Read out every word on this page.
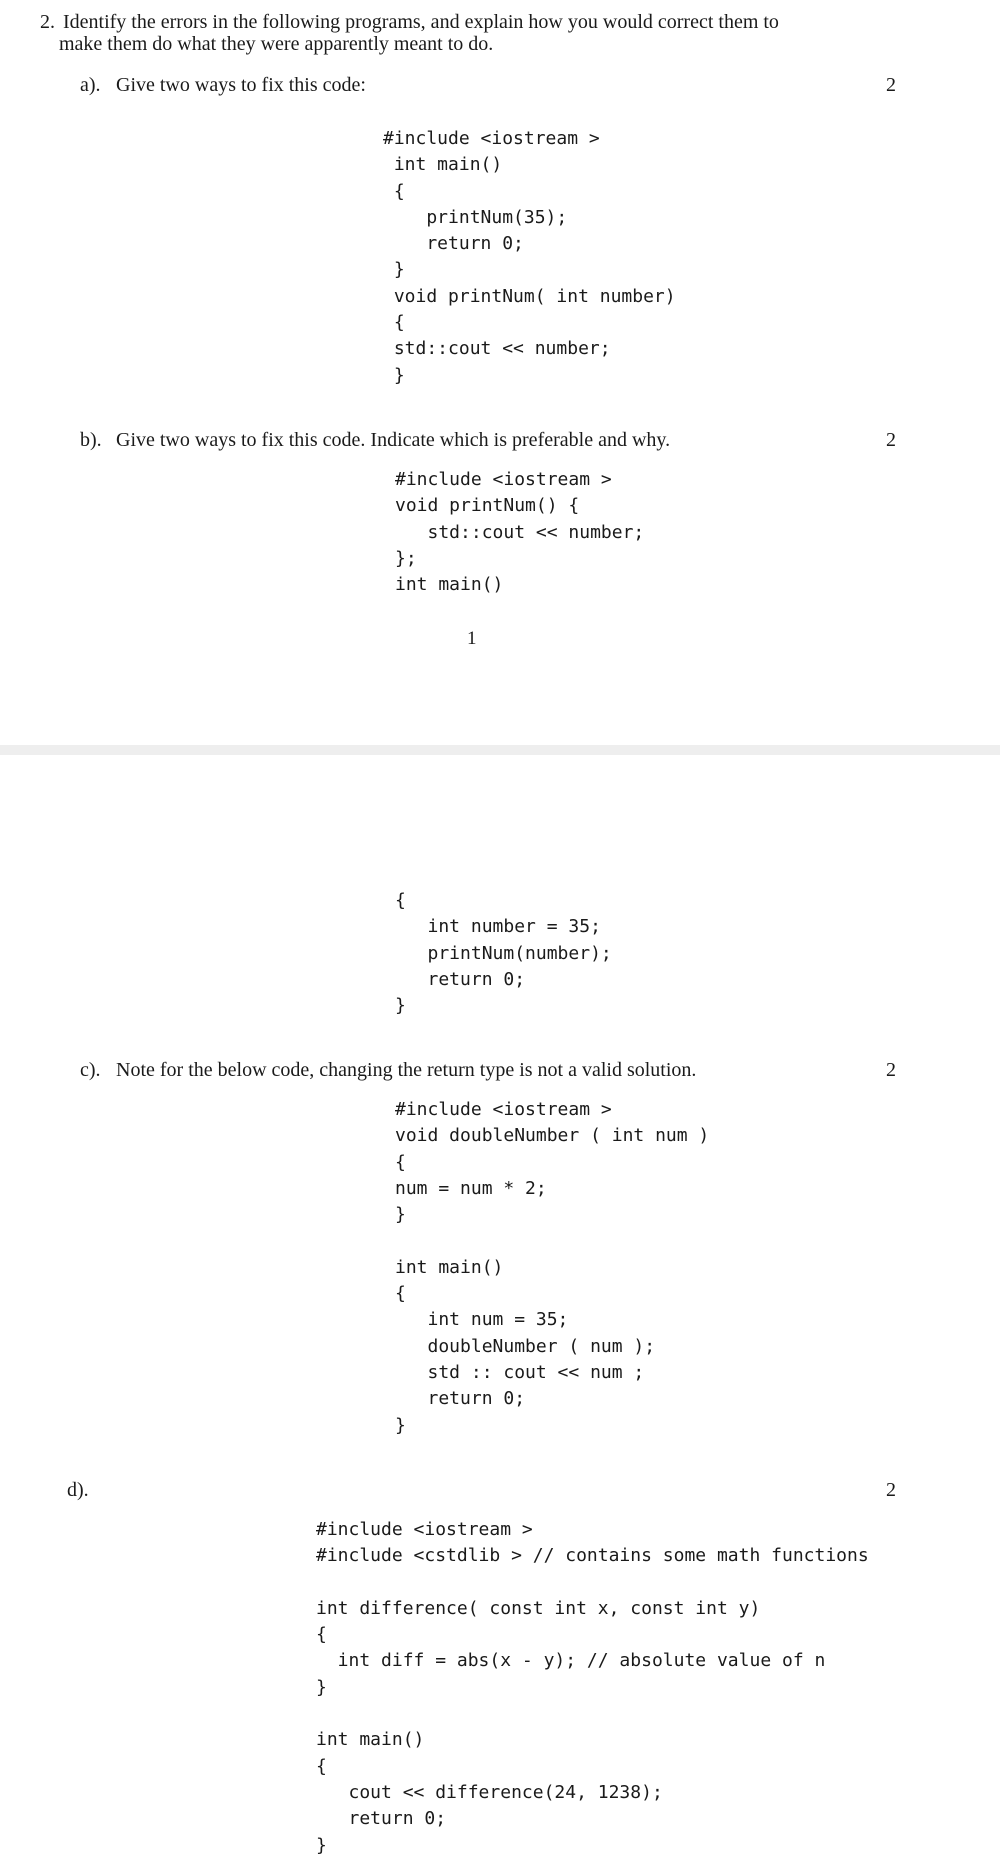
2. Identify the errors in the following programs, and explain how you would correct them to
make them do what they were apparently meant to do.
a). Give two ways to fix this code:	2
#include <iostream >
int main()
{
printNum(35);
return 0;
}
void printNum( int number)
{
std::cout << number;
}
b). Give two ways to fix this code. Indicate which is preferable and why.	2
#include <iostream >
void printNum() {
std::cout << number;
};
int main()
1
{
int number = 35;
printNum(number);
return 0;
}
c). Note for the below code, changing the return type is not a valid solution.	2
#include <iostream >
void doubleNumber ( int num )
{
num = num * 2;
}
int main()
{
int num = 35;
doubleNumber ( num );
std :: cout << num ;
return 0;
}
d).	2
#include <iostream >
#include <cstdlib > // contains some math functions
int difference( const int x, const int y)
{
int diff = abs(x - y); // absolute value of n
}
int main()
{
cout << difference(24, 1238);
return 0;
}
